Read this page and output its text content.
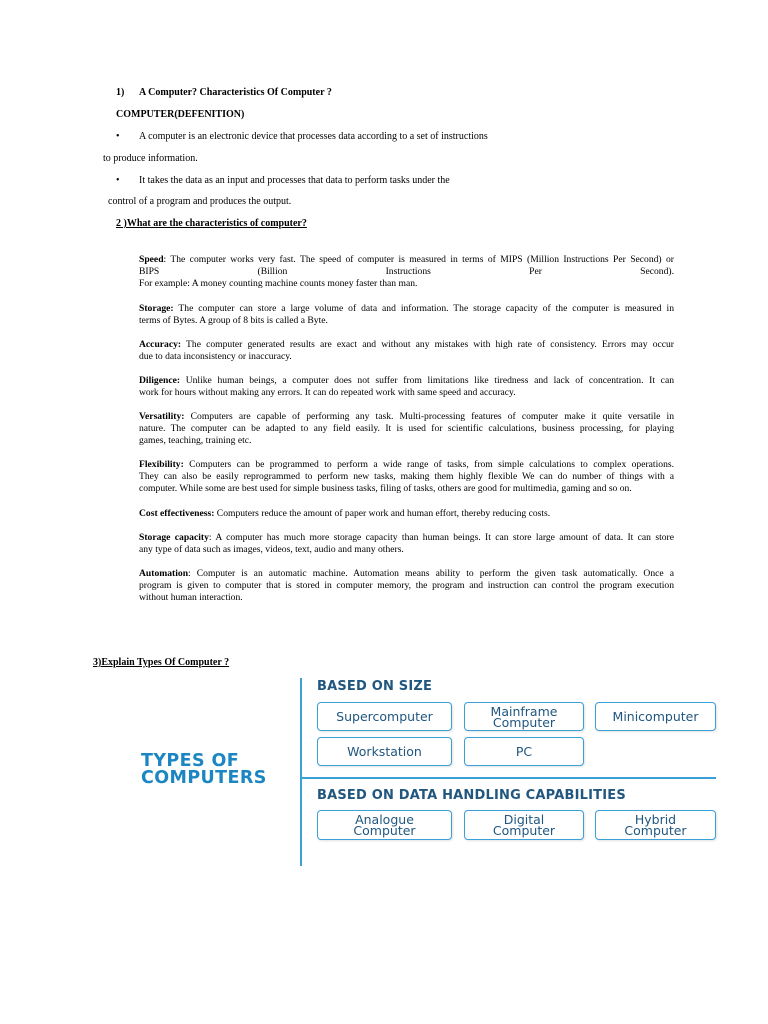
1) A Computer? Characteristics Of Computer ?
COMPUTER(DEFENITION)
• A computer is an electronic device that processes data according to a set of instructions
to produce information.
• It takes the data as an input and processes that data to perform tasks under the
control of a program and produces the output.
2 )What are the characteristics of computer?
Speed: The computer works very fast. The speed of computer is measured in terms of MIPS (Million Instructions Per Second) or
BIPS (Billion Instructions Per Second).
For example: A money counting machine counts money faster than man.
Storage: The computer can store a large volume of data and information. The storage capacity of the computer is measured in
terms of Bytes. A group of 8 bits is called a Byte.
Accuracy: The computer generated results are exact and without any mistakes with high rate of consistency. Errors may occur
due to data inconsistency or inaccuracy.
Diligence: Unlike human beings, a computer does not suffer from limitations like tiredness and lack of concentration. It can
work for hours without making any errors. It can do repeated work with same speed and accuracy.
Versatility: Computers are capable of performing any task. Multi-processing features of computer make it quite versatile in
nature. The computer can be adapted to any field easily. It is used for scientific calculations, business processing, for playing
games, teaching, training etc.
Flexibility: Computers can be programmed to perform a wide range of tasks, from simple calculations to complex operations.
They can also be easily reprogrammed to perform new tasks, making them highly flexible We can do number of things with a
computer. While some are best used for simple business tasks, filing of tasks, others are good for multimedia, gaming and so on.
Cost effectiveness: Computers reduce the amount of paper work and human effort, thereby reducing costs.
Storage capacity: A computer has much more storage capacity than human beings. It can store large amount of data. It can store
any type of data such as images, videos, text, audio and many others.
Automation: Computer is an automatic machine. Automation means ability to perform the given task automatically. Once a
program is given to computer that is stored in computer memory, the program and instruction can control the program execution
without human interaction.
3)Explain Types Of Computer ?
TYPES OF
COMPUTERS
BASED ON SIZE
Supercomputer	Mainframe
Computer	Minicomputer
Workstation	PC
BASED ON DATA HANDLING CAPABILITIES
Analogue
Computer
Digital
Computer
Hybrid
Computer
